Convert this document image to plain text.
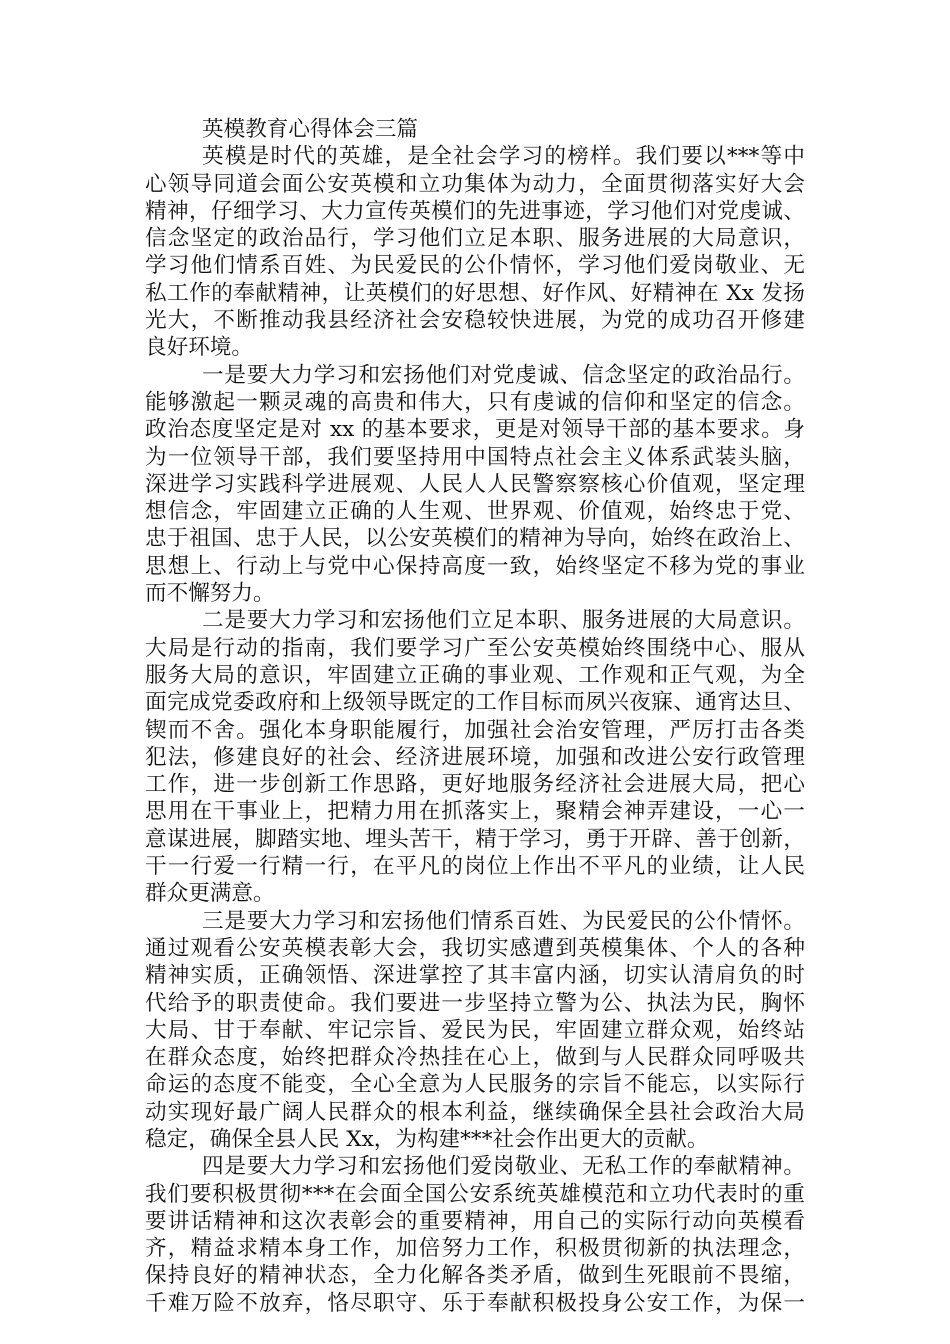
英模教育心得体会三篇

英模是时代的英雄，是全社会学习的榜样。我们要以***等中
心领导同道会面公安英模和立功集体为动力，全面贯彻落实好大会
精神，仔细学习、大力宣传英模们的先进事迹，学习他们对党虔诚、
信念坚定的政治品行，学习他们立足本职、服务进展的大局意识，
学习他们情系百姓、为民爱民的公仆情怀，学习他们爱岗敬业、无
私工作的奉献精神，让英模们的好思想、好作风、好精神在 Xx 发扬
光大，不断推动我县经济社会安稳较快进展，为党的成功召开修建
良好环境。

一是要大力学习和宏扬他们对党虔诚、信念坚定的政治品行。
能够激起一颗灵魂的高贵和伟大，只有虔诚的信仰和坚定的信念。
政治态度坚定是对 xx 的基本要求，更是对领导干部的基本要求。身
为一位领导干部，我们要坚持用中国特点社会主义体系武装头脑，
深进学习实践科学进展观、人民人人民警察察核心价值观，坚定理
想信念，牢固建立正确的人生观、世界观、价值观，始终忠于党、
忠于祖国、忠于人民，以公安英模们的精神为导向，始终在政治上、
思想上、行动上与党中心保持高度一致，始终坚定不移为党的事业
而不懈努力。

二是要大力学习和宏扬他们立足本职、服务进展的大局意识。
大局是行动的指南，我们要学习广至公安英模始终围绕中心、服从
服务大局的意识，牢固建立正确的事业观、工作观和正气观，为全
面完成党委政府和上级领导既定的工作目标而夙兴夜寐、通宵达旦、
锲而不舍。强化本身职能履行，加强社会治安管理，严厉打击各类
犯法，修建良好的社会、经济进展环境，加强和改进公安行政管理
工作，进一步创新工作思路，更好地服务经济社会进展大局，把心
思用在干事业上，把精力用在抓落实上，聚精会神弄建设，一心一
意谋进展，脚踏实地、埋头苦干，精于学习，勇于开辟、善于创新，
干一行爱一行精一行，在平凡的岗位上作出不平凡的业绩，让人民
群众更满意。

三是要大力学习和宏扬他们情系百姓、为民爱民的公仆情怀。
通过观看公安英模表彰大会，我切实感遭到英模集体、个人的各种
精神实质，正确领悟、深进掌控了其丰富内涵，切实认清肩负的时
代给予的职责使命。我们要进一步坚持立警为公、执法为民，胸怀
大局、甘于奉献、牢记宗旨、爱民为民，牢固建立群众观，始终站
在群众态度，始终把群众冷热挂在心上，做到与人民群众同呼吸共
命运的态度不能变，全心全意为人民服务的宗旨不能忘，以实际行
动实现好最广阔人民群众的根本利益，继续确保全县社会政治大局
稳定，确保全县人民 Xx，为构建***社会作出更大的贡献。

四是要大力学习和宏扬他们爱岗敬业、无私工作的奉献精神。
我们要积极贯彻***在会面全国公安系统英雄模范和立功代表时的重
要讲话精神和这次表彰会的重要精神，用自己的实际行动向英模看
齐，精益求精本身工作，加倍努力工作，积极贯彻新的执法理念，
保持良好的精神状态，全力化解各类矛盾，做到生死眼前不畏缩，
千难万险不放弃，恪尽职守、乐于奉献积极投身公安工作，为保一
